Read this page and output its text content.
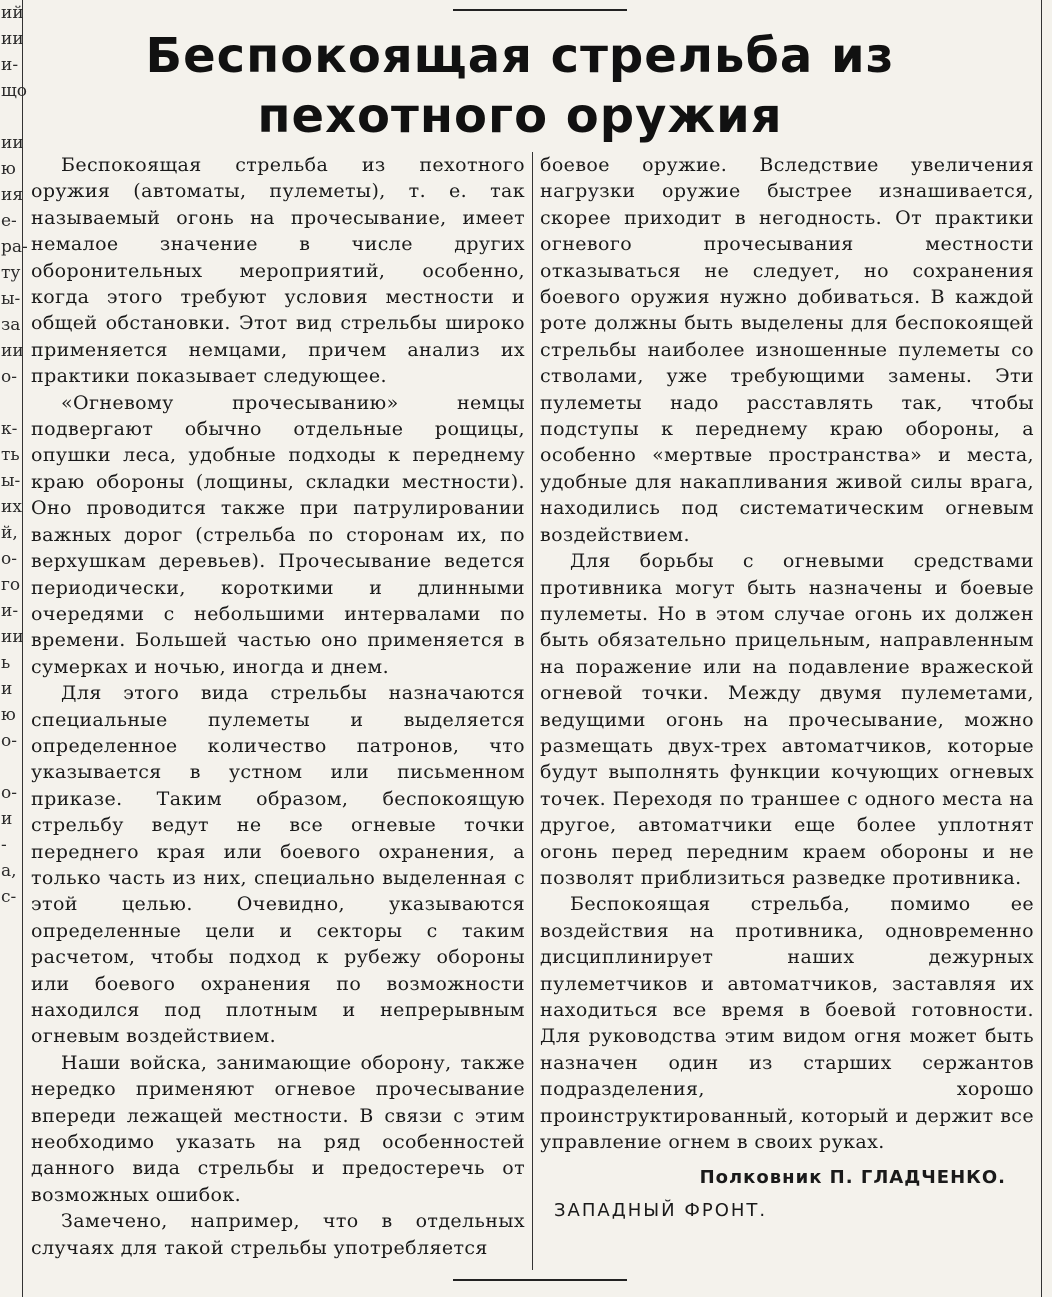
ий
ии
и-
що

ии
ю
ия
е-
ра-
ту
ы-
за
ии
о-

к-
ть
ы-
их
й,
о-
го
и-
ии
ь
и
ю
о-

о-
и
-
а,
с-
Беспокоящая стрельба из
пехотного оружия

Беспокоящая стрельба из пехотного оружия (автоматы, пулеметы), т. е. так называемый огонь на прочесывание, имеет немалое значение в числе других оборонительных мероприятий, особенно, когда этого требуют условия местности и общей обстановки. Этот вид стрельбы широко применяется немцами, причем анализ их практики показывает следующее.

«Огневому прочесыванию» немцы подвергают обычно отдельные рощицы, опушки леса, удобные подходы к переднему краю обороны (лощины, складки местности). Оно проводится также при патрулировании важных дорог (стрельба по сторонам их, по верхушкам деревьев). Прочесывание ведется периодически, короткими и длинными очередями с небольшими интервалами по времени. Большей частью оно применяется в сумерках и ночью, иногда и днем.

Для этого вида стрельбы назначаются специальные пулеметы и выделяется определенное количество патронов, что указывается в устном или письменном приказе. Таким образом, беспокоящую стрельбу ведут не все огневые точки переднего края или боевого охранения, а только часть из них, специально выделенная с этой целью. Очевидно, указываются определенные цели и секторы с таким расчетом, чтобы подход к рубежу обороны или боевого охранения по возможности находился под плотным и непрерывным огневым воздействием.

Наши войска, занимающие оборону, также нередко применяют огневое прочесывание впереди лежащей местности. В связи с этим необходимо указать на ряд особенностей данного вида стрельбы и предостеречь от возможных ошибок.

Замечено, например, что в отдельных случаях для такой стрельбы употребляется

боевое оружие. Вследствие увеличения нагрузки оружие быстрее изнашивается, скорее приходит в негодность. От практики огневого прочесывания местности отказываться не следует, но сохранения боевого оружия нужно добиваться. В каждой роте должны быть выделены для беспокоящей стрельбы наиболее изношенные пулеметы со стволами, уже требующими замены. Эти пулеметы надо расставлять так, чтобы подступы к переднему краю обороны, а особенно «мертвые пространства» и места, удобные для накапливания живой силы врага, находились под систематическим огневым воздействием.

Для борьбы с огневыми средствами противника могут быть назначены и боевые пулеметы. Но в этом случае огонь их должен быть обязательно прицельным, направленным на поражение или на подавление вражеской огневой точки. Между двумя пулеметами, ведущими огонь на прочесывание, можно размещать двух-трех автоматчиков, которые будут выполнять функции кочующих огневых точек. Переходя по траншее с одного места на другое, автоматчики еще более уплотнят огонь перед передним краем обороны и не позволят приблизиться разведке противника.

Беспокоящая стрельба, помимо ее воздействия на противника, одновременно дисциплинирует наших дежурных пулеметчиков и автоматчиков, заставляя их находиться все время в боевой готовности. Для руководства этим видом огня может быть назначен один из старших сержантов подразделения, хорошо проинструктированный, который и держит все управление огнем в своих руках.

Полковник П. ГЛАДЧЕНКО.
ЗАПАДНЫЙ ФРОНТ.
